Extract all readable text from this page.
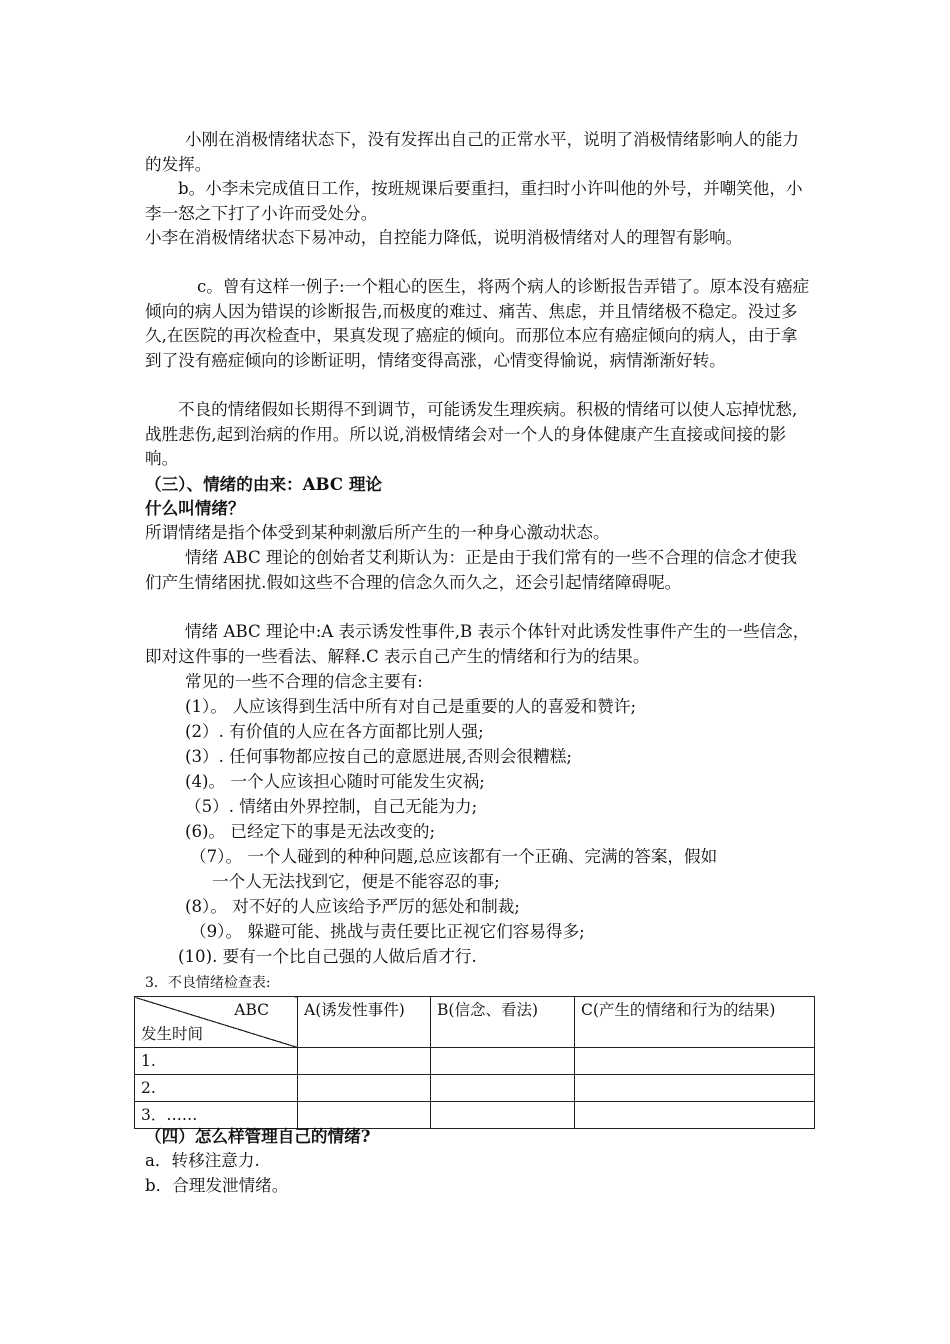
小刚在消极情绪状态下，没有发挥出自己的正常水平，说明了消极情绪影响人的能力的发挥。

b。小李未完成值日工作，按班规课后要重扫，重扫时小许叫他的外号，并嘲笑他，小李一怒之下打了小许而受处分。

小李在消极情绪状态下易冲动，自控能力降低，说明消极情绪对人的理智有影响。

c。曾有这样一例子:一个粗心的医生，将两个病人的诊断报告弄错了。原本没有癌症倾向的病人因为错误的诊断报告,而极度的难过、痛苦、焦虑，并且情绪极不稳定。没过多久,在医院的再次检查中，果真发现了癌症的倾向。而那位本应有癌症倾向的病人，由于拿到了没有癌症倾向的诊断证明，情绪变得高涨，心情变得愉说，病情渐渐好转。

不良的情绪假如长期得不到调节，可能诱发生理疾病。积极的情绪可以使人忘掉忧愁,战胜悲伤,起到治病的作用。所以说,消极情绪会对一个人的身体健康产生直接或间接的影响。

（三）、情绪的由来：ABC 理论

什么叫情绪？

所谓情绪是指个体受到某种刺激后所产生的一种身心激动状态。

情绪 ABC 理论的创始者艾利斯认为：正是由于我们常有的一些不合理的信念才使我们产生情绪困扰.假如这些不合理的信念久而久之，还会引起情绪障碍呢。

情绪 ABC 理论中:A 表示诱发性事件,B 表示个体针对此诱发性事件产生的一些信念，即对这件事的一些看法、解释.C 表示自己产生的情绪和行为的结果。

常见的一些不合理的信念主要有:

(1）。 人应该得到生活中所有对自己是重要的人的喜爱和赞许;

(2）. 有价值的人应在各方面都比别人强;

(3）. 任何事物都应按自己的意愿进展,否则会很糟糕;

(4)。 一个人应该担心随时可能发生灾祸;

（5）. 情绪由外界控制，自己无能为力;

(6)。 已经定下的事是无法改变的;

（7）。 一个人碰到的种种问题,总应该都有一个正确、完满的答案，假如

一个人无法找到它，便是不能容忍的事;

(8）。 对不好的人应该给予严厉的惩处和制裁;

（9）。 躲避可能、挑战与责任要比正视它们容易得多;

(10). 要有一个比自己强的人做后盾才行.

3．不良情绪检查表:

ABC
发生时间	A(诱发性事件)	B(信念、看法)	C(产生的情绪和行为的结果)
1.			
2.			
3．……			

（四）怎么样管理自己的情绪?

a．转移注意力.

b．合理发泄情绪。
